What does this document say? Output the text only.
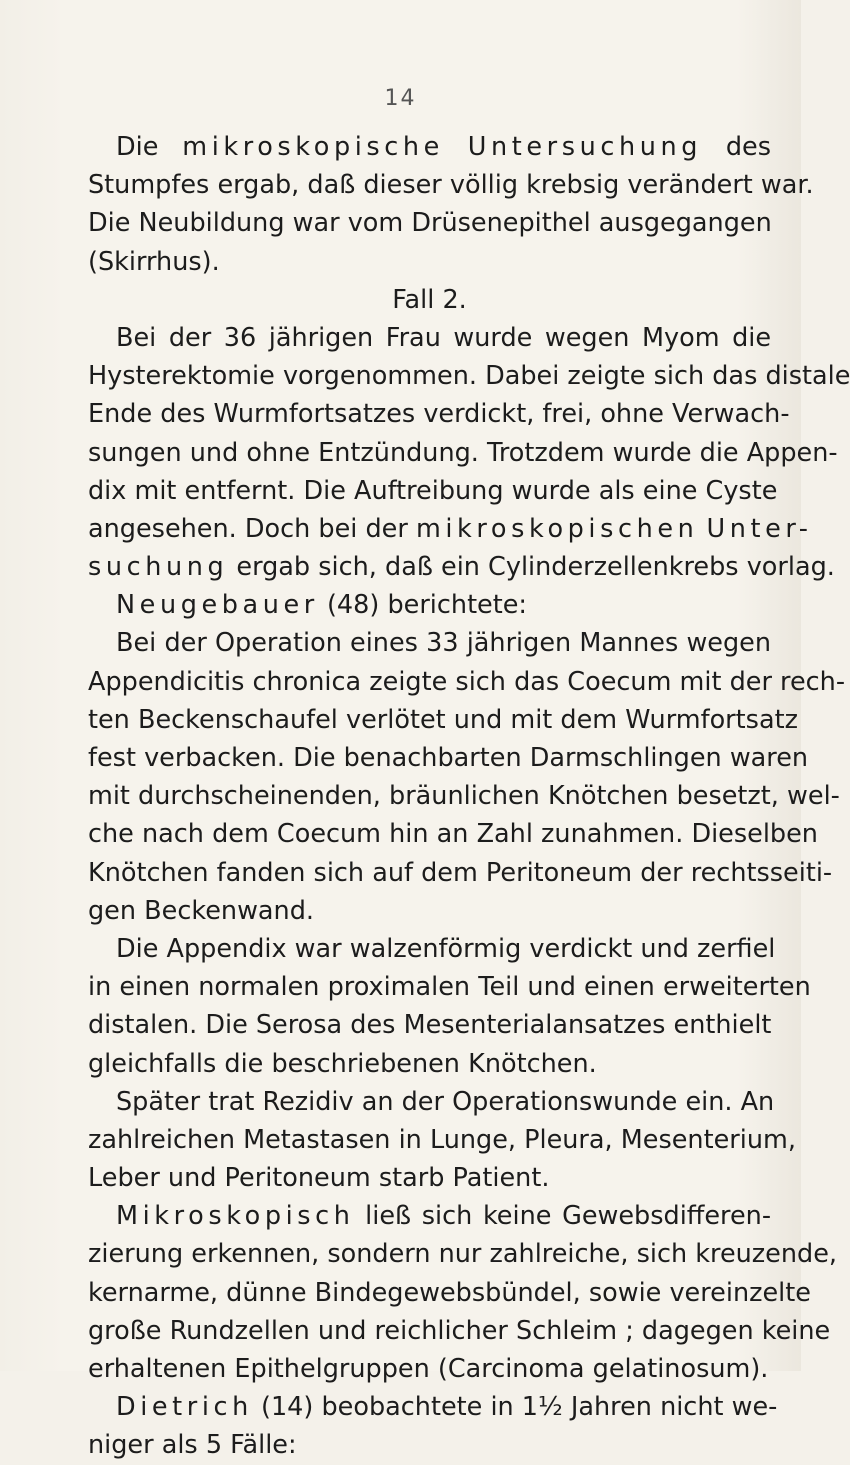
14
Die mikroskopische Untersuchung des
Stumpfes ergab, daß dieser völlig krebsig verändert war.
Die Neubildung war vom Drüsenepithel ausgegangen
(Skirrhus).
Fall 2.
Bei der 36 jährigen Frau wurde wegen Myom die
Hysterektomie vorgenommen. Dabei zeigte sich das distale
Ende des Wurmfortsatzes verdickt, frei, ohne Verwach-
sungen und ohne Entzündung. Trotzdem wurde die Appen-
dix mit entfernt. Die Auftreibung wurde als eine Cyste
angesehen. Doch bei der mikroskopischen Unter-
suchung ergab sich, daß ein Cylinderzellenkrebs vorlag.
Neugebauer (48) berichtete:
Bei der Operation eines 33 jährigen Mannes wegen
Appendicitis chronica zeigte sich das Coecum mit der rech-
ten Beckenschaufel verlötet und mit dem Wurmfortsatz
fest verbacken. Die benachbarten Darmschlingen waren
mit durchscheinenden, bräunlichen Knötchen besetzt, wel-
che nach dem Coecum hin an Zahl zunahmen. Dieselben
Knötchen fanden sich auf dem Peritoneum der rechtsseiti-
gen Beckenwand.
Die Appendix war walzenförmig verdickt und zerfiel
in einen normalen proximalen Teil und einen erweiterten
distalen. Die Serosa des Mesenterialansatzes enthielt
gleichfalls die beschriebenen Knötchen.
Später trat Rezidiv an der Operationswunde ein. An
zahlreichen Metastasen in Lunge, Pleura, Mesenterium,
Leber und Peritoneum starb Patient.
Mikroskopisch ließ sich keine Gewebsdifferen-
zierung erkennen, sondern nur zahlreiche, sich kreuzende,
kernarme, dünne Bindegewebsbündel, sowie vereinzelte
große Rundzellen und reichlicher Schleim ; dagegen keine
erhaltenen Epithelgruppen (Carcinoma gelatinosum).
Dietrich (14) beobachtete in 1½ Jahren nicht we-
niger als 5 Fälle:
